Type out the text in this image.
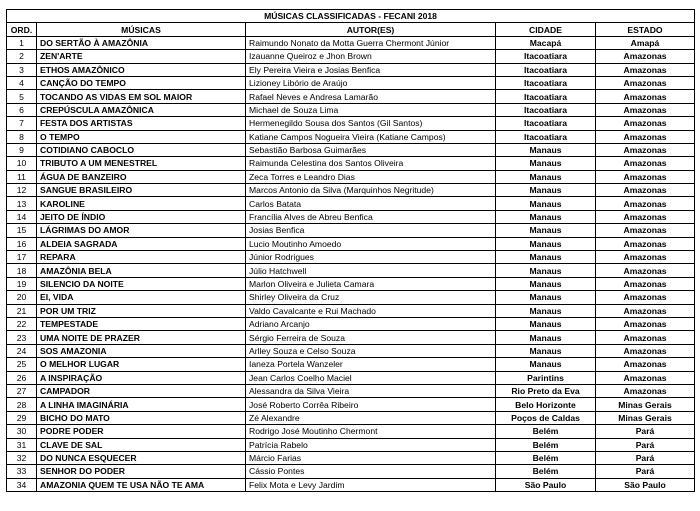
MÚSICAS CLASSIFICADAS - FECANI 2018				
ORD.	MÚSICAS	AUTOR(ES)	CIDADE	ESTADO
1	DO SERTÃO À AMAZÔNIA	Raimundo Nonato da Motta Guerra Chermont Júnior	Macapá	Amapá
2	ZEN'ARTE	Izauanne Queiroz e Jhon Brown	Itacoatiara	Amazonas
3	ETHOS AMAZÔNICO	Ely Pereira Vieira e Josias Benfica	Itacoatiara	Amazonas
4	CANÇÃO DO TEMPO	Lizioney Libório de Araújo	Itacoatiara	Amazonas
5	TOCANDO AS VIDAS EM SOL MAIOR	Rafael Neves e Andresa Lamarão	Itacoatiara	Amazonas
6	CREPÚSCULA AMAZÔNICA	Michael de Souza Lima	Itacoatiara	Amazonas
7	FESTA DOS ARTISTAS	Hermenegildo Sousa dos Santos (Gil Santos)	Itacoatiara	Amazonas
8	O TEMPO	Katiane Campos Nogueira Vieira (Katiane Campos)	Itacoatiara	Amazonas
9	COTIDIANO CABOCLO	Sebastião Barbosa Guimarães	Manaus	Amazonas
10	TRIBUTO A UM MENESTREL	Raimunda Celestina dos Santos Oliveira	Manaus	Amazonas
11	ÁGUA DE BANZEIRO	Zeca Torres e Leandro Dias	Manaus	Amazonas
12	SANGUE BRASILEIRO	Marcos Antonio da Silva (Marquinhos Negritude)	Manaus	Amazonas
13	KAROLINE	Carlos Batata	Manaus	Amazonas
14	JEITO DE ÍNDIO	Francília Alves de Abreu Benfica	Manaus	Amazonas
15	LÁGRIMAS DO AMOR	Josias Benfica	Manaus	Amazonas
16	ALDEIA SAGRADA	Lucio Moutinho Amoedo	Manaus	Amazonas
17	REPARA	Júnior Rodrigues	Manaus	Amazonas
18	AMAZÔNIA BELA	Júlio Hatchwell	Manaus	Amazonas
19	SILENCIO DA NOITE	Marlon Oliveira e Julieta Camara	Manaus	Amazonas
20	EI, VIDA	Shirley Oliveira da Cruz	Manaus	Amazonas
21	POR UM TRIZ	Valdo Cavalcante e Rui Machado	Manaus	Amazonas
22	TEMPESTADE	Adriano Arcanjo	Manaus	Amazonas
23	UMA NOITE DE PRAZER	Sérgio Ferreira de Souza	Manaus	Amazonas
24	SOS AMAZONIA	Arlley Souza e Celso Souza	Manaus	Amazonas
25	O MELHOR LUGAR	Ianeza Portela Wanzeler	Manaus	Amazonas
26	A INSPIRAÇÃO	Jean Carlos Coelho Maciel	Parintins	Amazonas
27	CAMPADOR	Alessandra da Silva Vieira	Rio Preto da Eva	Amazonas
28	A LINHA IMAGINÁRIA	José Roberto Corrêa Ribeiro	Belo Horizonte	Minas Gerais
29	BICHO DO MATO	Zé Alexandre	Poços de Caldas	Minas Gerais
30	PODRE PODER	Rodrigo José Moutinho Chermont	Belém	Pará
31	CLAVE DE SAL	Patrícia Rabelo	Belém	Pará
32	DO NUNCA ESQUECER	Márcio Farias	Belém	Pará
33	SENHOR DO PODER	Cássio Pontes	Belém	Pará
34	AMAZONIA QUEM TE USA NÃO TE AMA	Felix Mota e Levy Jardim	São Paulo	São Paulo
